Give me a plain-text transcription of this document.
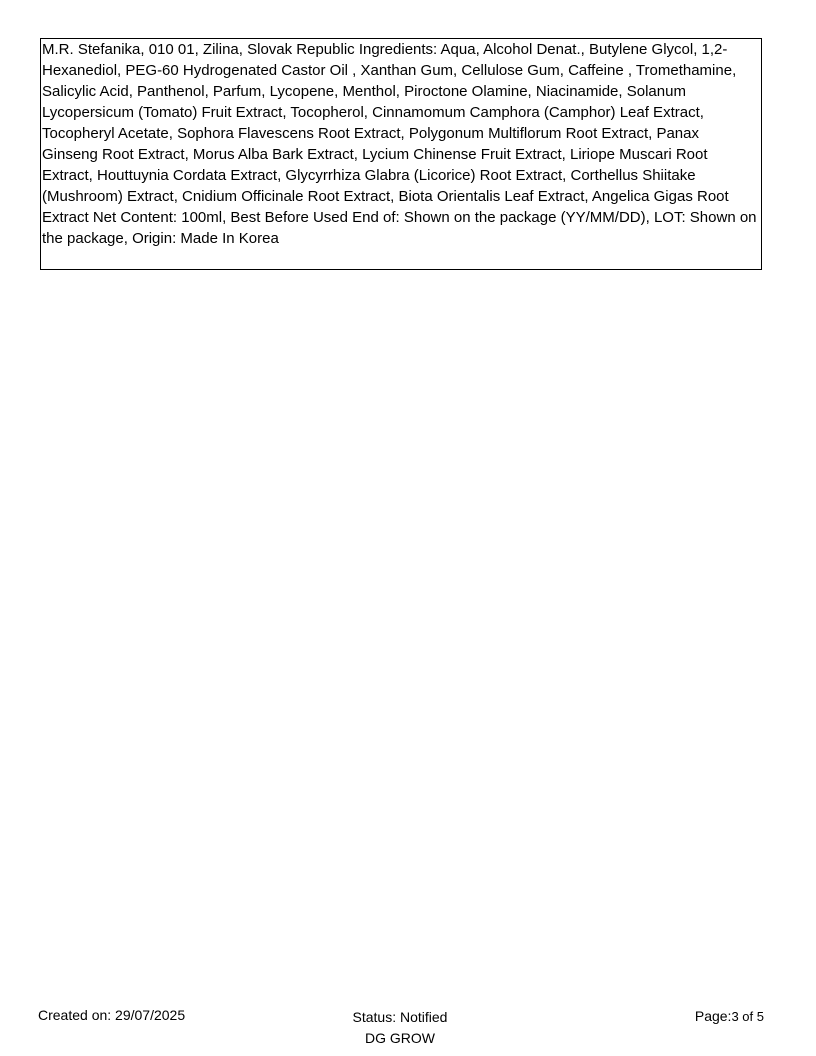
M.R. Stefanika, 010 01, Zilina, Slovak Republic Ingredients: Aqua, Alcohol Denat., Butylene Glycol, 1,2-Hexanediol, PEG-60 Hydrogenated Castor Oil , Xanthan Gum, Cellulose Gum, Caffeine , Tromethamine, Salicylic Acid, Panthenol, Parfum, Lycopene, Menthol, Piroctone Olamine, Niacinamide, Solanum Lycopersicum (Tomato) Fruit Extract, Tocopherol, Cinnamomum Camphora (Camphor) Leaf Extract, Tocopheryl Acetate, Sophora Flavescens Root Extract, Polygonum Multiflorum Root Extract, Panax Ginseng Root Extract, Morus Alba Bark Extract, Lycium Chinense Fruit Extract, Liriope Muscari Root Extract, Houttuynia Cordata Extract, Glycyrrhiza Glabra (Licorice) Root Extract, Corthellus Shiitake (Mushroom) Extract, Cnidium Officinale Root Extract, Biota Orientalis Leaf Extract, Angelica Gigas Root Extract Net Content: 100ml, Best Before Used End of: Shown on the package (YY/MM/DD), LOT: Shown on the package, Origin: Made In Korea
Created on: 29/07/2025	Status: Notified
DG GROW
Page:3 of 5
